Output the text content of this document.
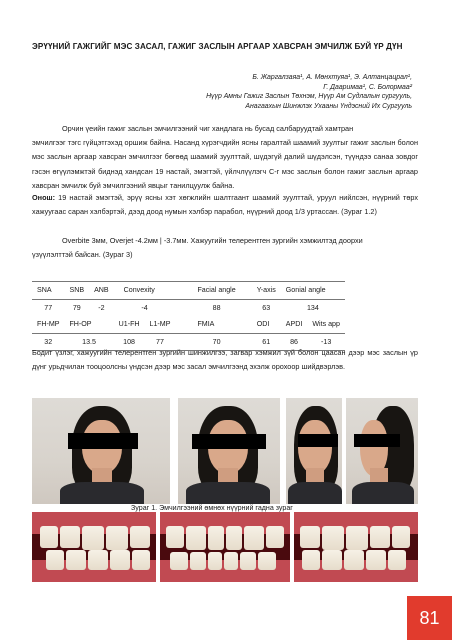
ЭРҮҮНИЙ ГАЖГИЙГ МЭС ЗАСАЛ, ГАЖИГ ЗАСЛЫН АРГААР ХАВСРАН ЭМЧИЛЖ БУЙ ҮР ДҮН
Б. Жаргалзаяа¹, А. Мөнхтуяа¹, Э. Алтанцацрал¹,
Г. Дааримаа¹, С. Болормаа²
Нүүр Амны Гажиг Заслын Төхнэм, Нүүр Ам Судлалын сургууль,
Анагаахын Шинжлэх Ухааны Үндэсний Их Сургууль
Орчин үеийн гажиг заслын эмчилгээний чиг хандлага нь бусад салбаруудтай хамтран
эмчилгээг тэгс гүйцэтгэхэд оршиж байна. Насанд хүрэгчдийн ясны гаралтай шаамий зуултыг гажиг заслын болон мэс заслын аргаар хавсран эмчилгээг бөгөөд шаамий зуулттай, шүдэгүй далий шүдэлсэн, түүндээ санаа зовдог гэсэн өгүүлэмжтэй биднэд хандсан 19 настай, эмэгтэй, үйлчлүүлэгч С-г мэс заслын болон гажиг заслын аргаар хавсран эмчилж буй эмчилгээний явцыг танилцуулж байна.
Онош: 19 настай эмэгтэй, эрүү ясны хэт хөгжлийн шалтгаант шаамий зуулттай, уруул нийлсэн, нүүрний төрх хажуугаас саран хэлбэртэй, дээд доод нумын хэлбэр парабол, нүүрний доод 1/3 уртассан. (Зураг 1.2)
Overbite 3мм, Overjet -4.2мм | -3.7мм. Хажуугийн телерентген зургийн хэмжилтэд доорхи
үзүүлэлттэй байсан. (Зураг 3)
SNA	SNB	ANB	Convexity		Facial angle	Y-axis	Gonial angle	
77	79	-2	-4		88	63	134	
FH-MP	FH-OP		U1-FH	L1-MP	FMIA	ODI	APDI	Wits app
32	13.5		108	77	70	61	86	-13
Бодит үзлэг, хажуугийн телерентген зургийн шинжилгээ, загвар хэмжил зүй болон цаасан дээр мэс заслын үр дүнг урьдчилан тооцоолсны үндсэн дээр мэс засал эмчилгээнд эхэлж орохоор шийдвэрлэв.
Зураг 1. Эмчилгээний өмнөх нүүрний гадна зураг
81
